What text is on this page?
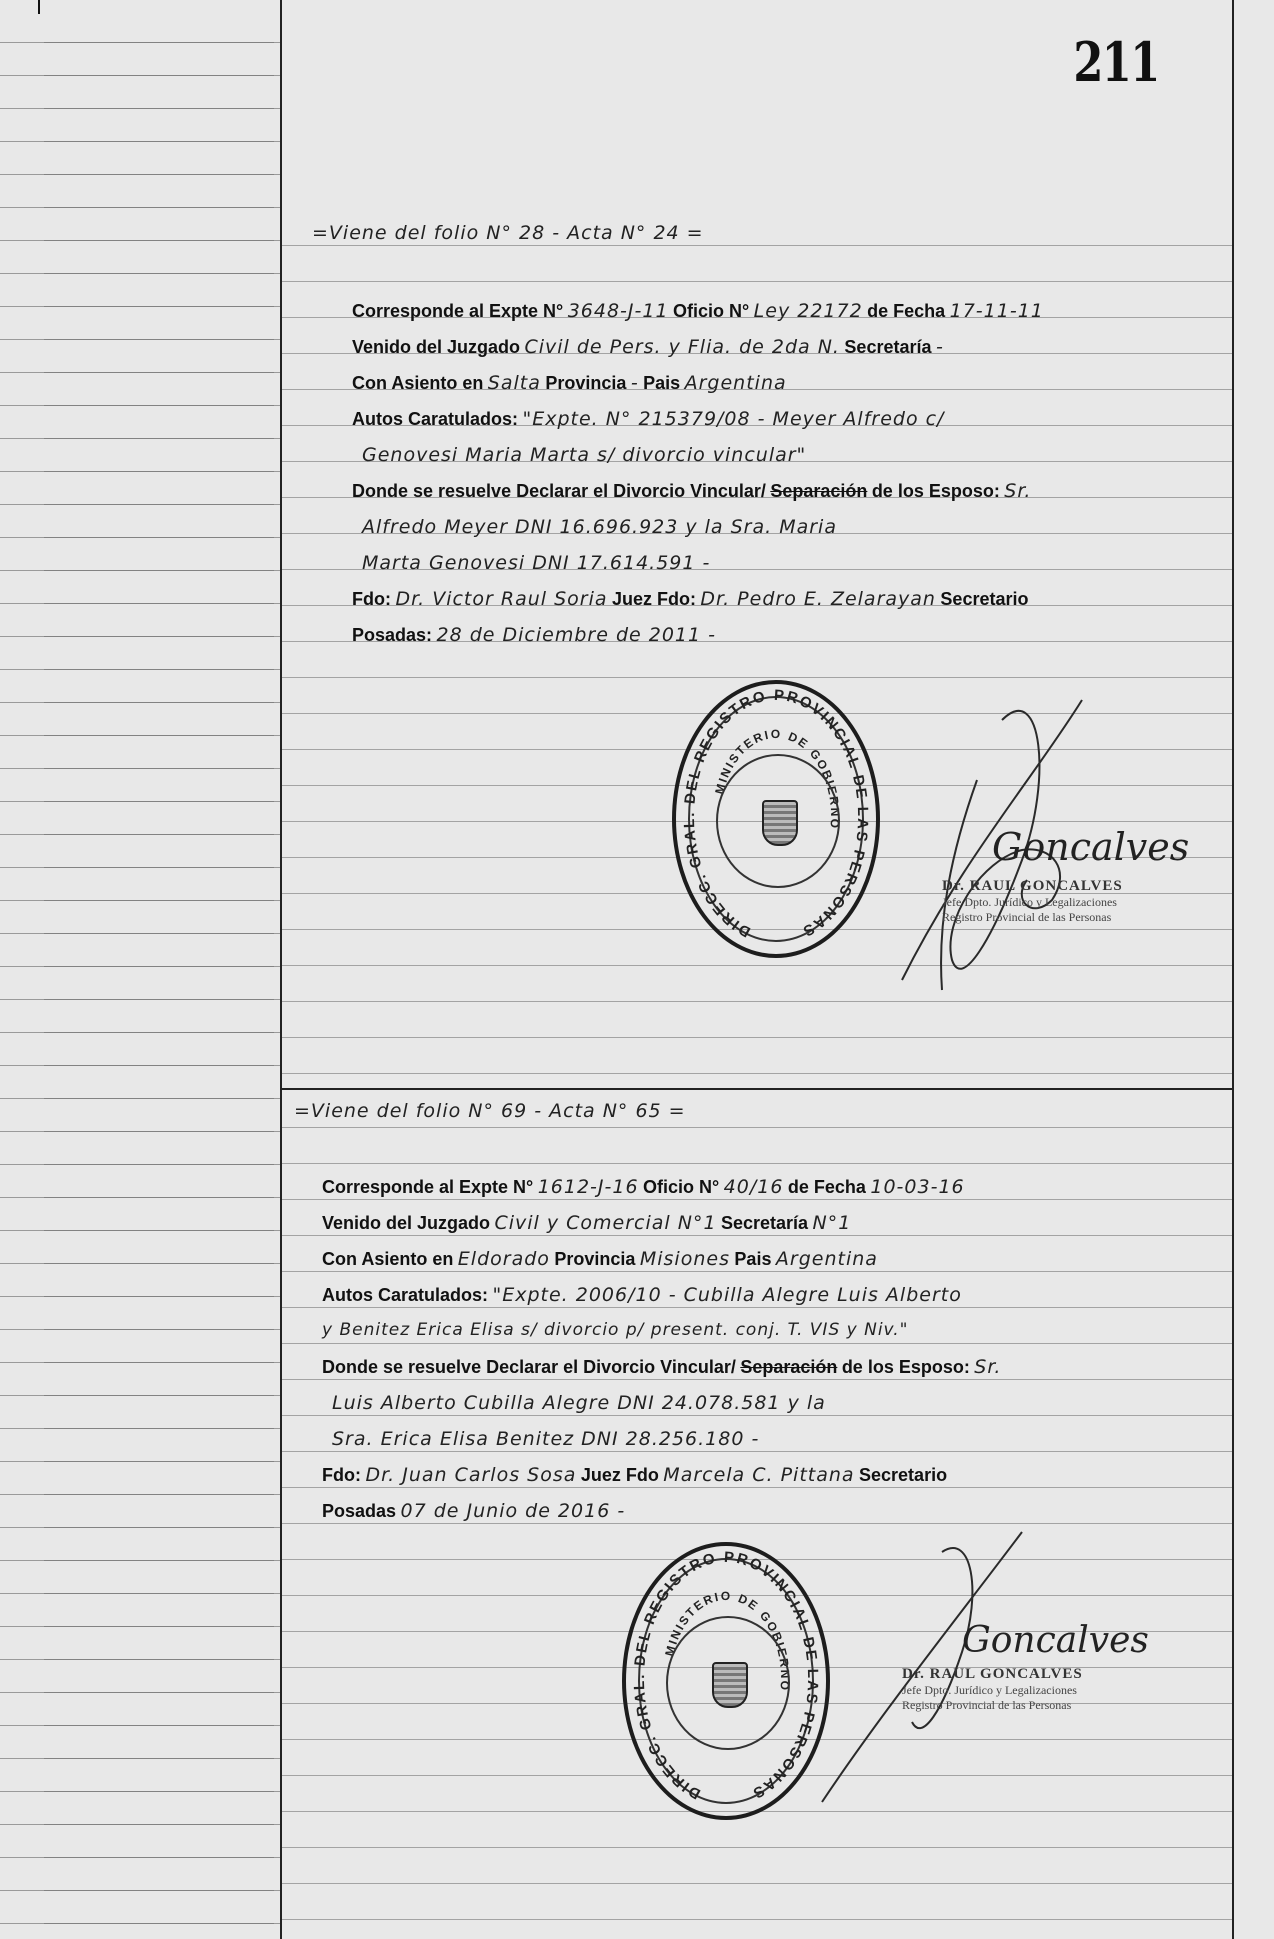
211
=Viene del folio N° 28 - Acta N° 24 =
Corresponde al Expte N° 3648-J-11 Oficio N° Ley 22172 de Fecha 17-11-11
Venido del Juzgado Civil de Pers. y Flia. de 2da N. Secretaría -
Con Asiento en Salta Provincia - Pais Argentina
Autos Caratulados: "Expte. N° 215379/08 - Meyer Alfredo c/
Genovesi Maria Marta s/ divorcio vincular"
Donde se resuelve Declarar el Divorcio Vincular/ Separación de los Esposo: Sr.
Alfredo Meyer DNI 16.696.923 y la Sra. Maria
Marta Genovesi DNI 17.614.591 -
Fdo: Dr. Victor Raul Soria Juez Fdo: Dr. Pedro E. Zelarayan Secretario
Posadas: 28 de Diciembre de 2011 -
DIRECC. GRAL. DEL REGISTRO PROVINCIAL DE LAS PERSONAS
MINISTERIO DE GOBIERNO
Goncalves
Dr. RAUL GONCALVES
Jefe Dpto. Jurídico y Legalizaciones
Registro Provincial de las Personas
=Viene del folio N° 69 - Acta N° 65 =
Corresponde al Expte N° 1612-J-16 Oficio N° 40/16 de Fecha 10-03-16
Venido del Juzgado Civil y Comercial N°1 Secretaría N°1
Con Asiento en Eldorado Provincia Misiones Pais Argentina
Autos Caratulados: "Expte. 2006/10 - Cubilla Alegre Luis Alberto
y Benitez Erica Elisa s/ divorcio p/ present. conj. T. VIS y Niv."
Donde se resuelve Declarar el Divorcio Vincular/ Separación de los Esposo: Sr.
Luis Alberto Cubilla Alegre DNI 24.078.581 y la
Sra. Erica Elisa Benitez DNI 28.256.180 -
Fdo: Dr. Juan Carlos Sosa Juez Fdo Marcela C. Pittana Secretario
Posadas 07 de Junio de 2016 -
DIRECC. GRAL. DEL REGISTRO PROVINCIAL DE LAS PERSONAS
MINISTERIO DE GOBIERNO
Goncalves
Dr. RAUL GONCALVES
Jefe Dpto. Jurídico y Legalizaciones
Registro Provincial de las Personas
